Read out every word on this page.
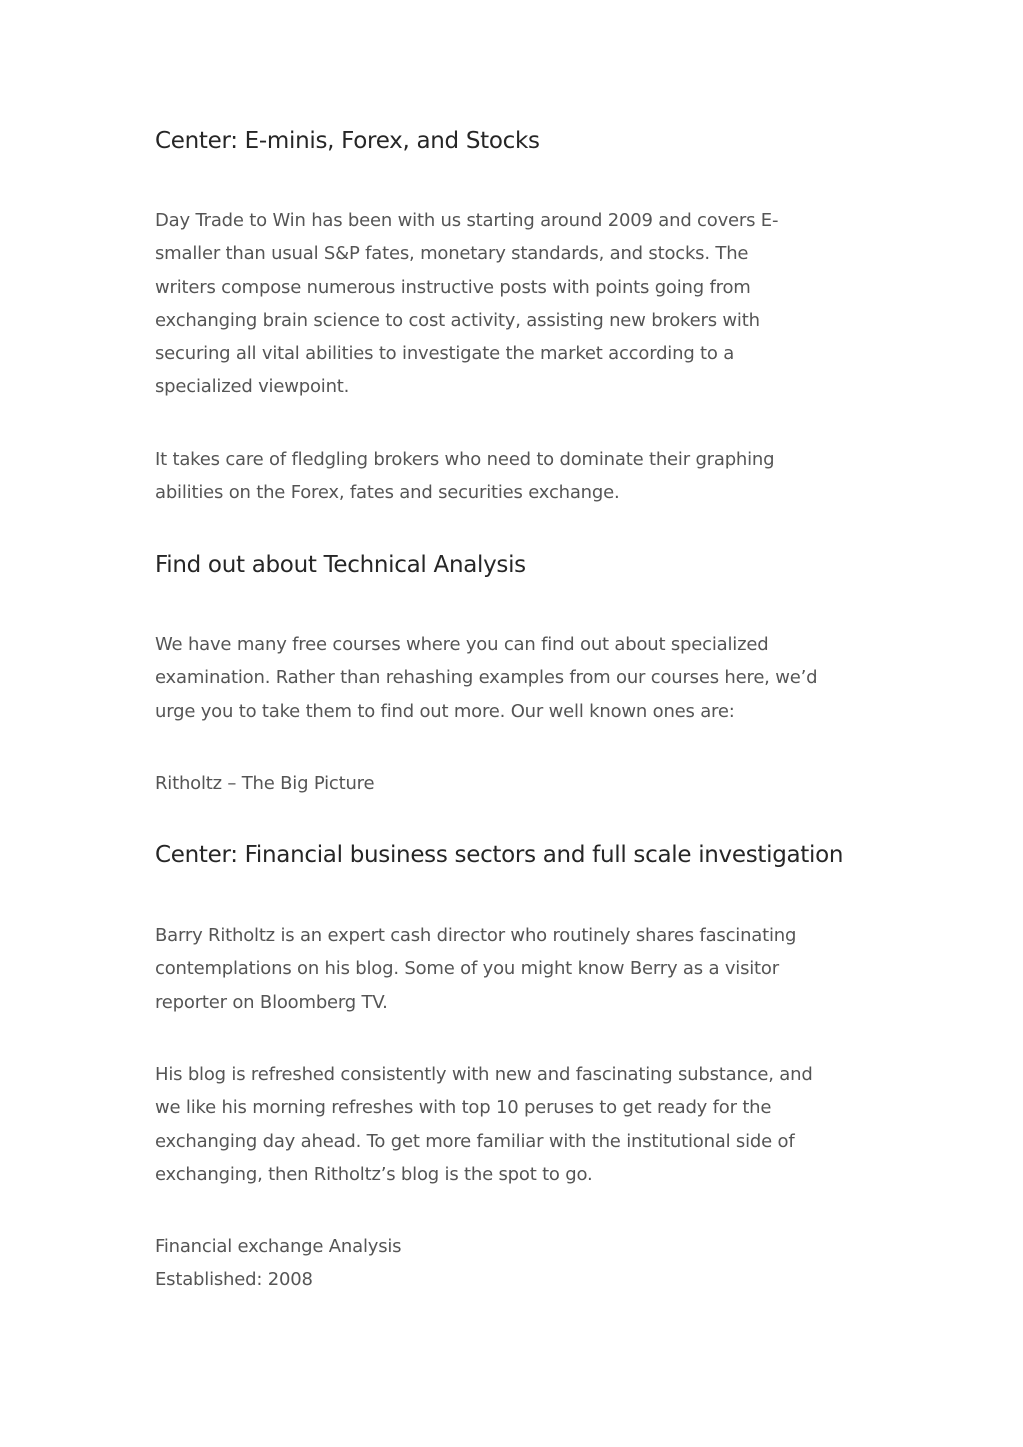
Center: E-minis, Forex, and Stocks

Day Trade to Win has been with us starting around 2009 and covers E-
smaller than usual S&P fates, monetary standards, and stocks. The
writers compose numerous instructive posts with points going from
exchanging brain science to cost activity, assisting new brokers with
securing all vital abilities to investigate the market according to a
specialized viewpoint.

It takes care of fledgling brokers who need to dominate their graphing
abilities on the Forex, fates and securities exchange.

Find out about Technical Analysis

We have many free courses where you can find out about specialized
examination. Rather than rehashing examples from our courses here, we’d
urge you to take them to find out more. Our well known ones are:

Ritholtz – The Big Picture

Center: Financial business sectors and full scale investigation

Barry Ritholtz is an expert cash director who routinely shares fascinating
contemplations on his blog. Some of you might know Berry as a visitor
reporter on Bloomberg TV.

His blog is refreshed consistently with new and fascinating substance, and
we like his morning refreshes with top 10 peruses to get ready for the
exchanging day ahead. To get more familiar with the institutional side of
exchanging, then Ritholtz’s blog is the spot to go.

Financial exchange Analysis
Established: 2008
